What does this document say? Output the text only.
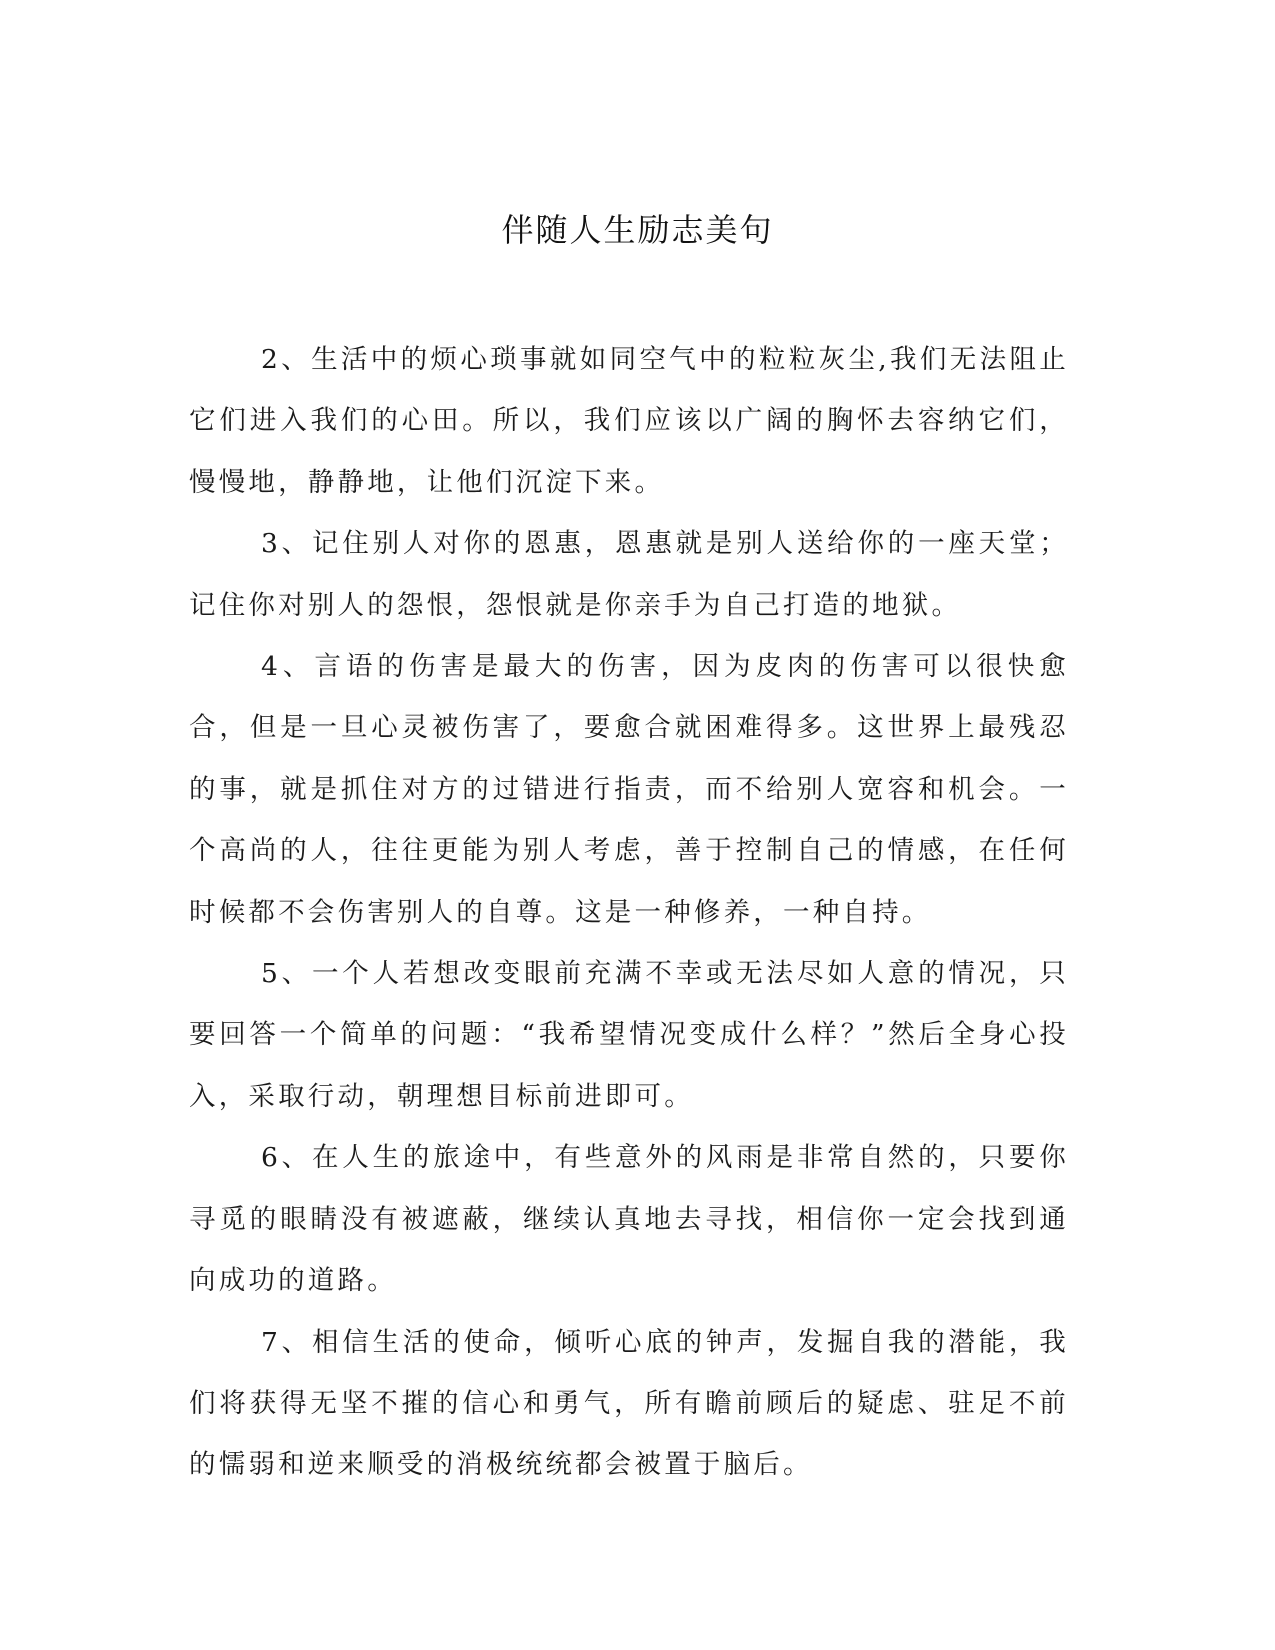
伴随人生励志美句

2、生活中的烦心琐事就如同空气中的粒粒灰尘,我们无法阻止它们进入我们的心田。所以，我们应该以广阔的胸怀去容纳它们，慢慢地，静静地，让他们沉淀下来。

3、记住别人对你的恩惠，恩惠就是别人送给你的一座天堂；记住你对别人的怨恨，怨恨就是你亲手为自己打造的地狱。

4、言语的伤害是最大的伤害，因为皮肉的伤害可以很快愈合，但是一旦心灵被伤害了，要愈合就困难得多。这世界上最残忍的事，就是抓住对方的过错进行指责，而不给别人宽容和机会。一个高尚的人，往往更能为别人考虑，善于控制自己的情感，在任何时候都不会伤害别人的自尊。这是一种修养，一种自持。

5、一个人若想改变眼前充满不幸或无法尽如人意的情况，只要回答一个简单的问题：“我希望情况变成什么样？”然后全身心投入，采取行动，朝理想目标前进即可。

6、在人生的旅途中，有些意外的风雨是非常自然的，只要你寻觅的眼睛没有被遮蔽，继续认真地去寻找，相信你一定会找到通向成功的道路。

7、相信生活的使命，倾听心底的钟声，发掘自我的潜能，我们将获得无坚不摧的信心和勇气，所有瞻前顾后的疑虑、驻足不前的懦弱和逆来顺受的消极统统都会被置于脑后。
